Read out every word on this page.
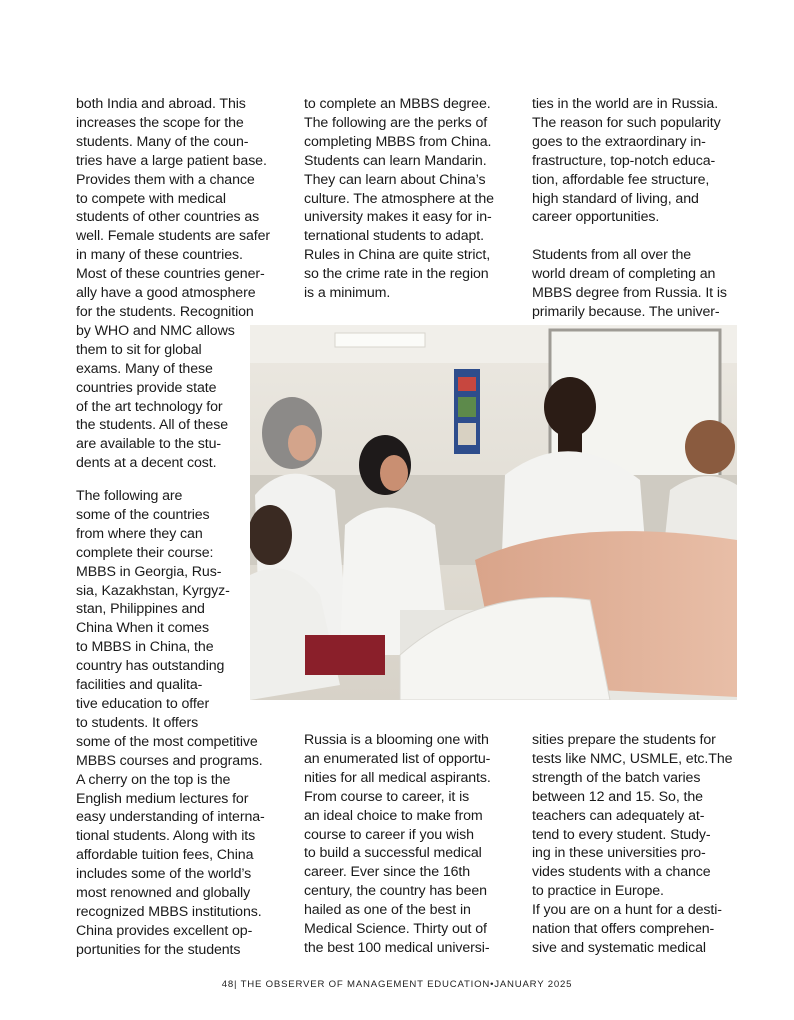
both India and abroad. This
increases the scope for the
students. Many of the coun-
tries have a large patient base.
Provides them with a chance
to compete with medical
students of other countries as
well. Female students are safer
in many of these countries.
Most of these countries gener-
ally have a good atmosphere
for the students. Recognition
by WHO and NMC allows
them to sit for global
exams. Many of these
countries provide state
of the art technology for
the students. All of these
are available to the stu-
dents at a decent cost.
The following are
some of the countries
from where they can
complete their course:
MBBS in Georgia, Rus-
sia, Kazakhstan, Kyrgyz-
stan, Philippines and
China When it comes
to MBBS in China, the
country has outstanding
facilities and qualita-
tive education to offer
to students. It offers
some of the most competitive
MBBS courses and programs.
A cherry on the top is the
English medium lectures for
easy understanding of interna-
tional students. Along with its
affordable tuition fees, China
includes some of the world’s
most renowned and globally
recognized MBBS institutions.
China provides excellent op-
portunities for the students
to complete an MBBS degree.
The following are the perks of
completing MBBS from China.
Students can learn Mandarin.
They can learn about China’s
culture. The atmosphere at the
university makes it easy for in-
ternational students to adapt.
Rules in China are quite strict,
so the crime rate in the region
is a minimum.
Russia is a blooming one with
an enumerated list of opportu-
nities for all medical aspirants.
From course to career, it is
an ideal choice to make from
course to career if you wish
to build a successful medical
career. Ever since the 16th
century, the country has been
hailed as one of the best in
Medical Science. Thirty out of
the best 100 medical universi-
ties in the world are in Russia.
The reason for such popularity
goes to the extraordinary in-
frastructure, top-notch educa-
tion, affordable fee structure,
high standard of living, and
career opportunities.
Students from all over the
world dream of completing an
MBBS degree from Russia. It is
primarily because. The univer-
sities prepare the students for
tests like NMC, USMLE, etc.The
strength of the batch varies
between 12 and 15. So, the
teachers can adequately at-
tend to every student. Study-
ing in these universities pro-
vides students with a chance
to practice in Europe.
If you are on a hunt for a desti-
nation that offers comprehen-
sive and systematic medical
48| THE OBSERVER OF MANAGEMENT EDUCATION•JANUARY 2025
